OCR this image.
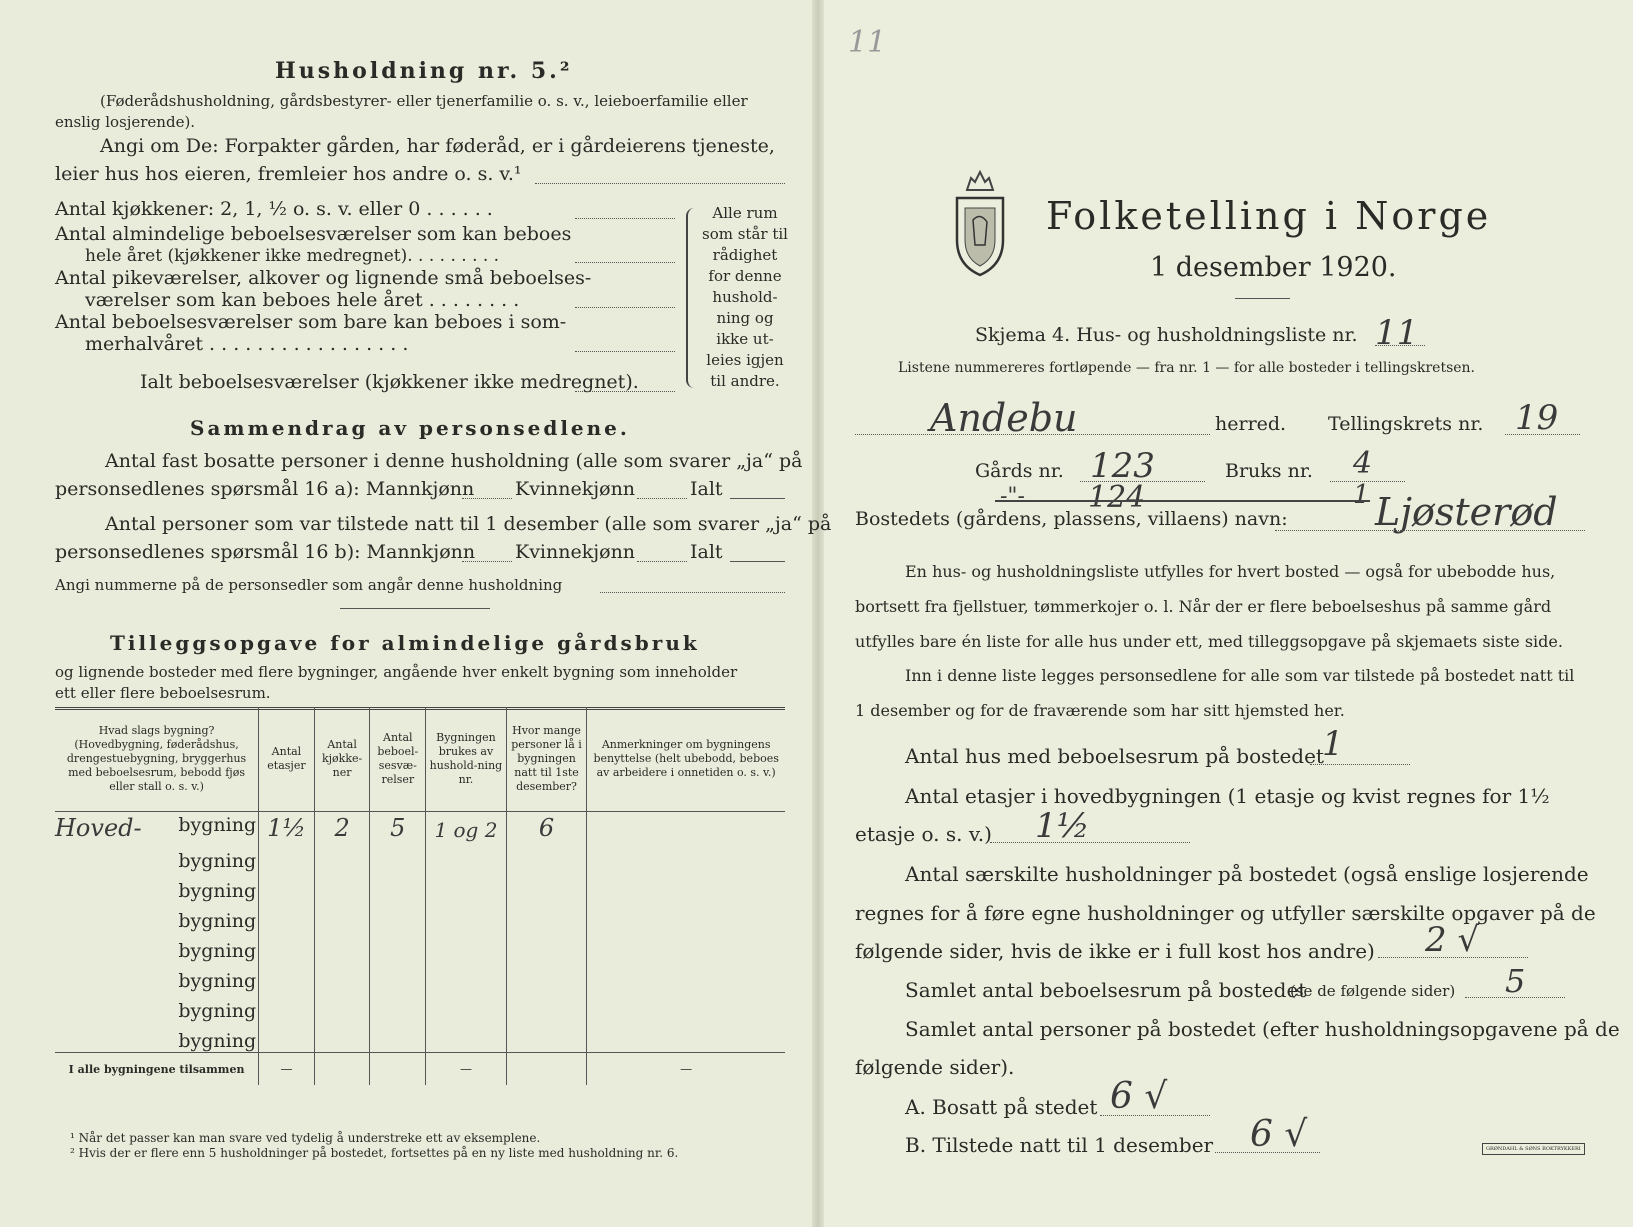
Husholdning nr. 5.²
(Føderådshusholdning, gårdsbestyrer- eller tjenerfamilie o. s. v., leieboerfamilie eller
enslig losjerende).
Angi om De: Forpakter gården, har føderåd, er i gårdeierens tjeneste,
leier hus hos eieren, fremleier hos andre o. s. v.¹
Antal kjøkkener: 2, 1, ½ o. s. v. eller 0 . . . . . .
Antal almindelige beboelsesværelser som kan beboes
hele året (kjøkkener ikke medregnet). . . . . . . . .
Antal pikeværelser, alkover og lignende små beboelses-
værelser som kan beboes hele året . . . . . . . .
Antal beboelsesværelser som bare kan beboes i som-
merhalvåret . . . . . . . . . . . . . . . . .
Ialt beboelsesværelser (kjøkkener ikke medregnet).
Alle rum
som står til
rådighet
for denne
hushold-
ning og
ikke ut-
leies igjen
til andre.
Sammendrag av personsedlene.
Antal fast bosatte personer i denne husholdning (alle som svarer „ja“ på
personsedlenes spørsmål 16 a): Mannkjønn Kvinnekjønn	Ialt
Antal personer som var tilstede natt til 1 desember (alle som svarer „ja“ på
personsedlenes spørsmål 16 b): Mannkjønn Kvinnekjønn	Ialt
Angi nummerne på de personsedler som angår denne husholdning
Tilleggsopgave for almindelige gårdsbruk
og lignende bosteder med flere bygninger, angående hver enkelt bygning som inneholder
ett eller flere beboelsesrum.
Hvad slags bygning? (Hovedbygning, føderådshus, drengestuebygning, bryggerhus med beboelsesrum, bebodd fjøs eller stall o. s. v.)	Antal etasjer	Antal kjøkke-ner	Antal beboel-sesvæ-relser	Bygningen brukes av hushold-ning nr.	Hvor mange personer lå i bygningen natt til 1ste desember?	Anmerkninger om bygningens benyttelse (helt ubebodd, beboes av arbeidere i onnetiden o. s. v.)

Hoved- bygning	1½	2	5	1 og 2	6	
bygning						
bygning						
bygning						
bygning						
bygning						
bygning						
bygning						
I alle bygningene tilsammen	—			—		—
¹ Når det passer kan man svare ved tydelig å understreke ett av eksemplene.
² Hvis der er flere enn 5 husholdninger på bostedet, fortsettes på en ny liste med husholdning nr. 6.
11
Folketelling i Norge
1 desember 1920.
Skjema 4. Hus- og husholdningsliste nr. 11
Listene nummereres fortløpende — fra nr. 1 — for alle bosteder i tellingskretsen.
Andebu	herred. Tellingskrets nr. 19
Gårds nr. 123	Bruks nr. 4
-"- 124	1
Bostedets (gårdens, plassens, villaens) navn: Ljøsterød
En hus- og husholdningsliste utfylles for hvert bosted — også for ubebodde hus,
bortsett fra fjellstuer, tømmerkojer o. l. Når der er flere beboelseshus på samme gård
utfylles bare én liste for alle hus under ett, med tilleggsopgave på skjemaets siste side.
Inn i denne liste legges personsedlene for alle som var tilstede på bostedet natt til
1 desember og for de fraværende som har sitt hjemsted her.
Antal hus med beboelsesrum på bostedet
1
Antal etasjer i hovedbygningen (1 etasje og kvist regnes for 1½
etasje o. s. v.) 1½
Antal særskilte husholdninger på bostedet (også enslige losjerende
regnes for å føre egne husholdninger og utfyller særskilte opgaver på de
følgende sider, hvis de ikke er i full kost hos andre) 2 √
Samlet antal beboelsesrum på bostedet
(se de følgende sider) 5
Samlet antal personer på bostedet (efter husholdningsopgavene på de
følgende sider).
A. Bosatt på stedet 6 √
B. Tilstede natt til 1 desember 6 √	GRØNDAHL & SØNS BOKTRYKKERI
